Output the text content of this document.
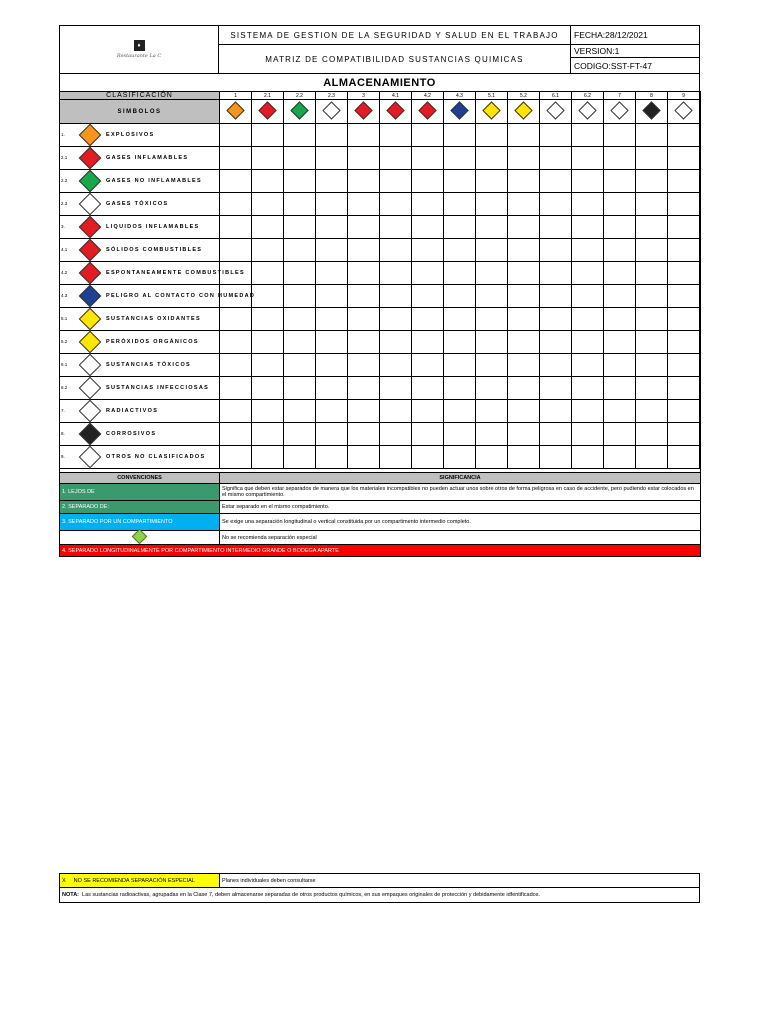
♦
Restaurante La C
SISTEMA DE GESTION DE LA SEGURIDAD Y SALUD EN EL TRABAJO
MATRIZ DE COMPATIBILIDAD SUSTANCIAS QUIMICAS
FECHA:28/12/2021
VERSION:1
CODIGO:SST-FT-47
ALMACENAMIENTO
CLASIFICACIÓN	1	2.1	2.2	2.3	3	4.1	4.2	4.3	5.1	5.2	6.1	6.2	7	8	9	
SIMBOLOS																

1. EXPLOSIVOS																

2.1 GASES INFLAMABLES																

2.2 GASES NO INFLAMABLES																

2.3 GASES TÓXICOS																

3. LIQUIDOS INFLAMABLES																

4.1 SÓLIDOS COMBUSTIBLES																

4.2 ESPONTANEAMENTE COMBUSTIBLES																

4.3 PELIGRO AL CONTACTO CON HUMEDAD																

5.1 SUSTANCIAS OXIDANTES																

5.2 PERÓXIDOS ORGÁNICOS																

6.1 SUSTANCIAS TÓXICOS																

6.2 SUSTANCIAS INFECCIOSAS																

7. RADIACTIVOS																

8. CORROSIVOS																

9. OTROS NO CLASIFICADOS																

CONVENCIONES	SIGNIFICANCIA
1. LEJOS DE	Significa que deben estar separados de manera que los materiales incompatibles no pueden actuar unos sobre otros de forma peligrosa en caso de accidente, pero pudiendo estar colocados en el mismo compartimiento.
2. SEPARADO DE:	Estar separado en el mismo compatimiento.
3. SEPARADO POR UN COMPARTIMIENTO	Se exige una separación longitudinal o vertical constituida por un compartimento intermedio completo.
	No se recomienda separación especial
4. SEPARADO LONGITUDINALMENTE POR COMPARTIMIENTO INTERMEDIO GRANDE O BODEGA APARTE	
X NO SE RECOMIENDA SEPARACIÓN ESPECIAL	Planes individuales deben consultarse
NOTA: Las sustancias radioactivas, agrupadas en la Clase 7, deben almacenarse separadas de otros productos químicos, en sus empaques originales de protección y debidamente idfentificados.
